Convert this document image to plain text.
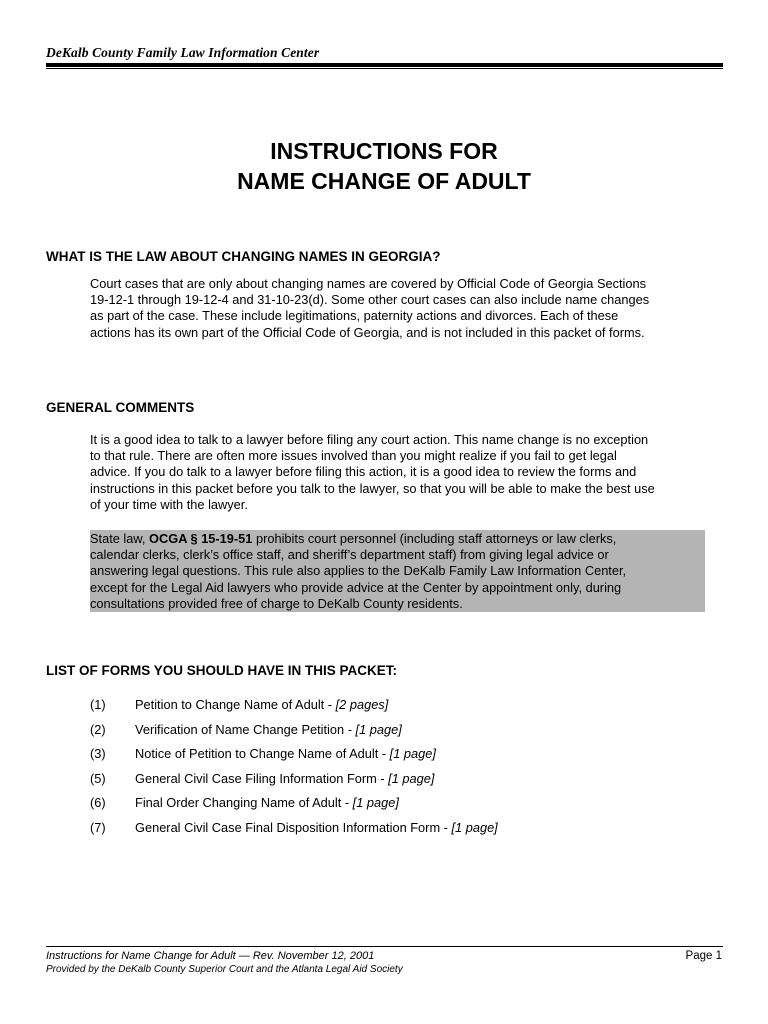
DeKalb County Family Law Information Center
INSTRUCTIONS FOR
NAME CHANGE OF ADULT
WHAT IS THE LAW ABOUT CHANGING NAMES IN GEORGIA?
Court cases that are only about changing names are covered by Official Code of Georgia Sections
19-12-1 through 19-12-4 and 31-10-23(d). Some other court cases can also include name changes
as part of the case. These include legitimations, paternity actions and divorces. Each of these
actions has its own part of the Official Code of Georgia, and is not included in this packet of forms.
GENERAL COMMENTS
It is a good idea to talk to a lawyer before filing any court action. This name change is no exception
to that rule. There are often more issues involved than you might realize if you fail to get legal
advice. If you do talk to a lawyer before filing this action, it is a good idea to review the forms and
instructions in this packet before you talk to the lawyer, so that you will be able to make the best use
of your time with the lawyer.
State law, OCGA § 15-19-51 prohibits court personnel (including staff attorneys or law clerks,
calendar clerks, clerk’s office staff, and sheriff’s department staff) from giving legal advice or
answering legal questions. This rule also applies to the DeKalb Family Law Information Center,
except for the Legal Aid lawyers who provide advice at the Center by appointment only, during
consultations provided free of charge to DeKalb County residents.
LIST OF FORMS YOU SHOULD HAVE IN THIS PACKET:
(1) Petition to Change Name of Adult - [2 pages]
(2) Verification of Name Change Petition - [1 page]
(3) Notice of Petition to Change Name of Adult - [1 page]
(5) General Civil Case Filing Information Form - [1 page]
(6) Final Order Changing Name of Adult - [1 page]
(7) General Civil Case Final Disposition Information Form - [1 page]
Instructions for Name Change for Adult — Rev. November 12, 2001
Provided by the DeKalb County Superior Court and the Atlanta Legal Aid Society
Page 1
